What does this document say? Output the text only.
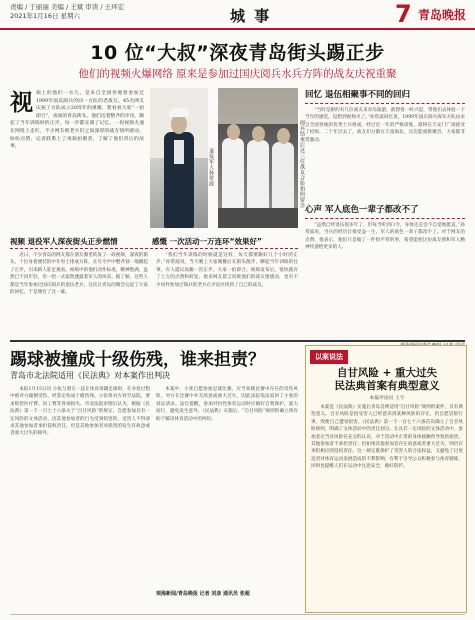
责编 / 于丽丽 美编 / 王斌 审读 / 王环宏
2021年1月16日 星期六	城 事	7 青岛晚报
10 位“大叔”深夜青岛街头踢正步
他们的视频火爆网络 原来是参加过国庆阅兵水兵方阵的战友庆祝重聚
视 频上的他们一水儿，是来自全国各地曾参加过1999年国庆阅兵的同一方队的老战友。45名网友庆祝了方队成立20周年的重聚，想看看大家“一拍即合”，夜间的青岛街头，他们迈着整齐的步伐，踢起了当年训练时的正步，每一步都充满了记忆。一段视频火速在网络上走红，不少网友被老兵们之间深厚的战友情所感动，纷纷点赞，记者联系上了视频拍摄者，了解了他们背后的故事。
退役军人孙常波	阅兵结束后这三位战友合影拍照留念
回忆 退伍相聚事不同的回归

“当时是跟约有几位战友来青岛旅游，就想着一时兴起，带他们去体验一下当年的感觉，没想到视频火了。”孙常波回忆说，1999年国庆阅兵海军方队由来自全国各地的优秀士兵组成，经过近一年的严格训练，最终在天安门广场接受了检阅。二十年过去了，战友们分散在天南海北，这次能重新聚首，大家都非常激动。

心声 军人底色一辈子都改不了

“虽然已经退伍很多年了，但每当听到口令，身体还是会不自觉地挺直。”孙常波说，当兵的经历让他受益一生，军人的底色一辈子都改不了。对于网友的点赞，他表示，他们只是做了一件很平常的事，希望能把这份战友情和军人精神传递给更多的人。

视频 退役军人深夜街头正步燃情	感慨 一次活动一万连环“效果好”

近日，不少青岛的网友都在朋友圈里转发了一段视频，深夜的街头，十位身着便装的中年男士排成方阵，在号令声中整齐划一地踢起了正步，引来路人驻足观看。视频中的他们动作标准，精神饱满，虽然已不再年轻，但一招一式依然透露着军人的风采。据了解，这些人都是当年参加过国庆阅兵的退伍老兵，这次在青岛的聚会勾起了大家的回忆，于是便有了这一幕。

“我们当年训练的时候就是这样，每天都要踢好几个小时的正步。”孙常波说，当天晚上大家聚餐后在街头散步，聊起当年训练的往事，有人提议再踢一次正步，大家一拍即合。视频发布后，很快就有了上万的点赞和转发，很多网友留言说被他们的战友情感动，也有不少同样参加过阅兵的老兵在评论区找到了自己的战友。

踢球被撞成十级伤残，谁来担责？
青岛市北法院适用《民法典》对本案作出判决

本报1月15日讯 小张与朋友一起在体育场踢足球时，在争抢过程中被对方撞倒受伤，经鉴定构成十级伤残。小张将对方诉至法院，要求赔偿医疗费、误工费等各项损失。市北法院审理后认为，根据《民法典》第一千一百七十六条关于“自甘风险”的规定，自愿参加具有一定风险的文体活动，因其他参加者的行为受到损害的，受害人不得请求其他参加者承担侵权责任，但是其他参加者对损害的发生有故意或者重大过失的除外。

本案中，小张自愿参加足球比赛，应当知晓比赛中存在的受伤风险，对方在比赛中并无故意或重大过失，因此法院依法驳回了小张的诉讼请求。法官提醒，参加对抗性体育运动时应做好自我保护，量力而行，避免发生意外。《民法典》实施后，“自甘风险”规则的确立将有助于解决体育活动中的纠纷。

观海新闻/青岛晚报 记者 刘彦 通讯员 张超
以案说法
自甘风险 + 重大过失
民法典首案有典型意义
本报评论员 王宇

本案是《民法典》实施后青岛首例适用“自甘风险”规则的案件，具有典型意义。自甘风险是指受害人已经意识到某种风险的存在，仍自愿冒险行事，致使自己遭受损害。《民法典》第一千一百七十六条首次确立了自甘风险规则，明确了文体活动中的责任划分。在具有一定风险的文体活动中，参加者应当对风险有充分的认识，对于活动中正常的身体接触所导致的损害，其他参加者不承担责任；但如果其他参加者存在故意或者重大过失，则仍应承担相应的侵权责任。这一规定既保护了受害人的合法权益，又避免了过度追责对体育运动发展造成的不利影响，有利于引导公众积极参与体育锻炼，同时也提醒人们在运动中注意安全，做好防护。
